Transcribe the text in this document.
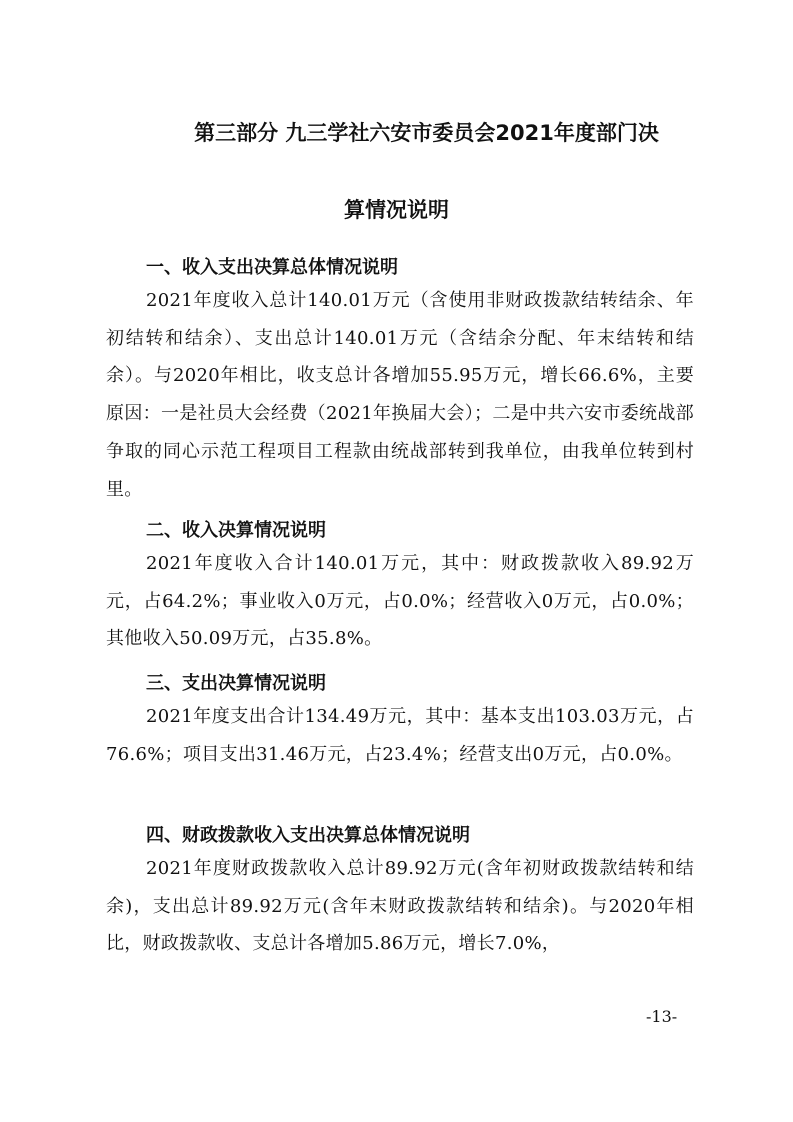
第三部分 九三学社六安市委员会2021年度部门决
算情况说明
一、收入支出决算总体情况说明
2021年度收入总计140.01万元（含使用非财政拨款结转结余、年初结转和结余）、支出总计140.01万元（含结余分配、年末结转和结余）。与2020年相比，收支总计各增加55.95万元，增长66.6%，主要原因：一是社员大会经费（2021年换届大会）；二是中共六安市委统战部争取的同心示范工程项目工程款由统战部转到我单位，由我单位转到村里。
二、收入决算情况说明
2021年度收入合计140.01万元，其中：财政拨款收入89.92万元，占64.2%；事业收入0万元，占0.0%；经营收入0万元，占0.0%；其他收入50.09万元，占35.8%。
三、支出决算情况说明
2021年度支出合计134.49万元，其中：基本支出103.03万元，占76.6%；项目支出31.46万元，占23.4%；经营支出0万元，占0.0%。
四、财政拨款收入支出决算总体情况说明
2021年度财政拨款收入总计89.92万元(含年初财政拨款结转和结余)，支出总计89.92万元(含年末财政拨款结转和结余)。与2020年相比，财政拨款收、支总计各增加5.86万元，增长7.0%，
-13-
